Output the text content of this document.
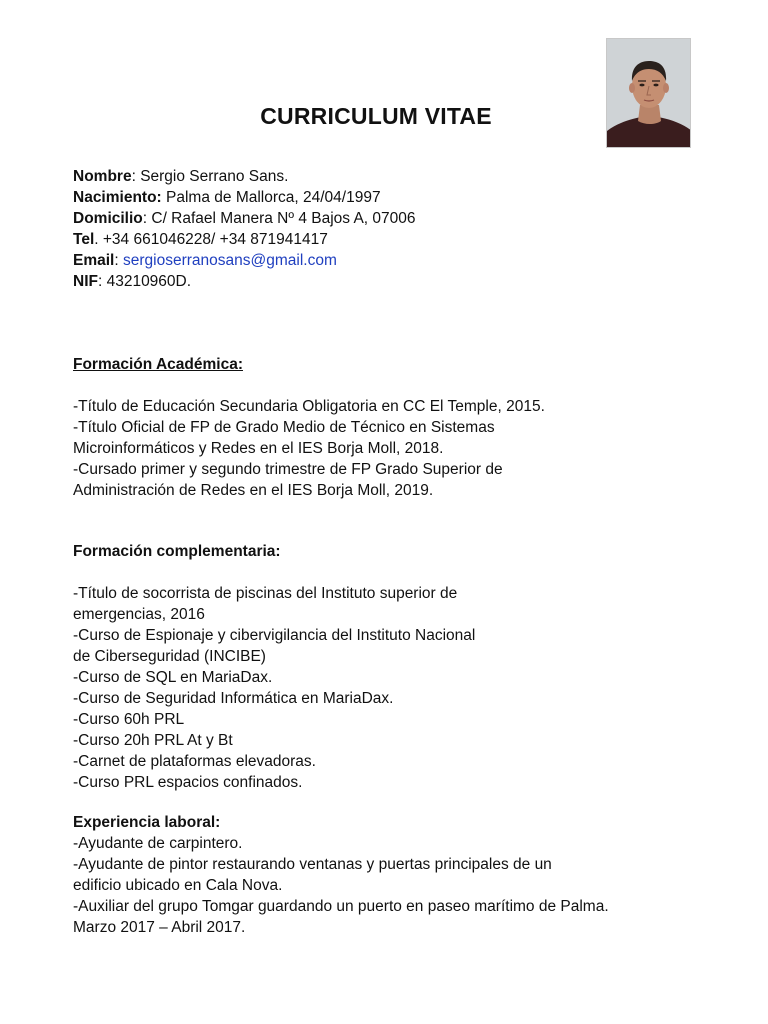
CURRICULUM VITAE
Nombre: Sergio Serrano Sans.
Nacimiento: Palma de Mallorca, 24/04/1997
Domicilio: C/ Rafael Manera Nº 4 Bajos A, 07006
Tel. +34 661046228/ +34 871941417
Email: sergioserranosans@gmail.com
NIF: 43210960D.
Formación Académica:
-Título de Educación Secundaria Obligatoria en CC El Temple, 2015.
-Título Oficial de FP de Grado Medio de Técnico en Sistemas
Microinformáticos y Redes en el IES Borja Moll, 2018.
-Cursado primer y segundo trimestre de FP Grado Superior de
Administración de Redes en el IES Borja Moll, 2019.
Formación complementaria:
-Título de socorrista de piscinas del Instituto superior de
emergencias, 2016
-Curso de Espionaje y cibervigilancia del Instituto Nacional
de Ciberseguridad (INCIBE)
-Curso de SQL en MariaDax.
-Curso de Seguridad Informática en MariaDax.
-Curso 60h PRL
-Curso 20h PRL At y Bt
-Carnet de plataformas elevadoras.
-Curso PRL espacios confinados.
Experiencia laboral:
-Ayudante de carpintero.
-Ayudante de pintor restaurando ventanas y puertas principales de un
edificio ubicado en Cala Nova.
-Auxiliar del grupo Tomgar guardando un puerto en paseo marítimo de Palma.
Marzo 2017 – Abril 2017.
